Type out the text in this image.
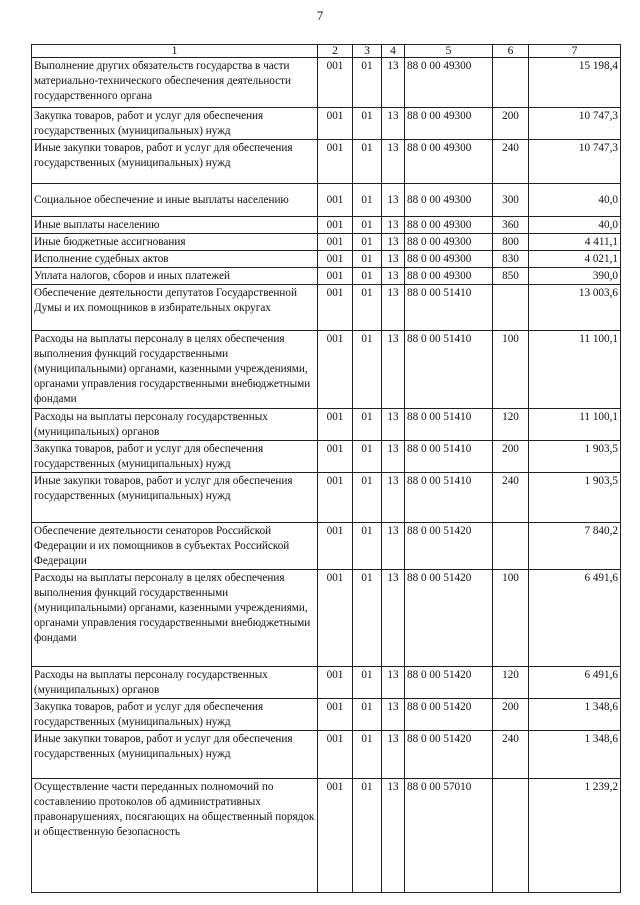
7
1	2	3	4	5	6	7
Выполнение других обязательств государства в части материально-технического обеспечения деятельности государственного органа	001	01	13	88 0 00 49300		15 198,4
Закупка товаров, работ и услуг для обеспечения государственных (муниципальных) нужд	001	01	13	88 0 00 49300	200	10 747,3
Иные закупки товаров, работ и услуг для обеспечения государственных (муниципальных) нужд	001	01	13	88 0 00 49300	240	10 747,3
Социальное обеспечение и иные выплаты населению	001	01	13	88 0 00 49300	300	40,0
Иные выплаты населению	001	01	13	88 0 00 49300	360	40,0
Иные бюджетные ассигнования	001	01	13	88 0 00 49300	800	4 411,1
Исполнение судебных актов	001	01	13	88 0 00 49300	830	4 021,1
Уплата налогов, сборов и иных платежей	001	01	13	88 0 00 49300	850	390,0
Обеспечение деятельности депутатов Государственной Думы и их помощников в избирательных округах	001	01	13	88 0 00 51410		13 003,6
Расходы на выплаты персоналу в целях обеспечения выполнения функций государственными (муниципальными) органами, казенными учреждениями, органами управления государственными внебюджетными фондами	001	01	13	88 0 00 51410	100	11 100,1
Расходы на выплаты персоналу государственных (муниципальных) органов	001	01	13	88 0 00 51410	120	11 100,1
Закупка товаров, работ и услуг для обеспечения государственных (муниципальных) нужд	001	01	13	88 0 00 51410	200	1 903,5
Иные закупки товаров, работ и услуг для обеспечения государственных (муниципальных) нужд	001	01	13	88 0 00 51410	240	1 903,5
Обеспечение деятельности сенаторов Российской Федерации и их помощников в субъектах Российской Федерации	001	01	13	88 0 00 51420		7 840,2
Расходы на выплаты персоналу в целях обеспечения выполнения функций государственными (муниципальными) органами, казенными учреждениями, органами управления государственными внебюджетными фондами	001	01	13	88 0 00 51420	100	6 491,6
Расходы на выплаты персоналу государственных (муниципальных) органов	001	01	13	88 0 00 51420	120	6 491,6
Закупка товаров, работ и услуг для обеспечения государственных (муниципальных) нужд	001	01	13	88 0 00 51420	200	1 348,6
Иные закупки товаров, работ и услуг для обеспечения государственных (муниципальных) нужд	001	01	13	88 0 00 51420	240	1 348,6
Осуществление части переданных полномочий по составлению протоколов об административных правонарушениях, посягающих на общественный порядок и общественную безопасность	001	01	13	88 0 00 57010		1 239,2
